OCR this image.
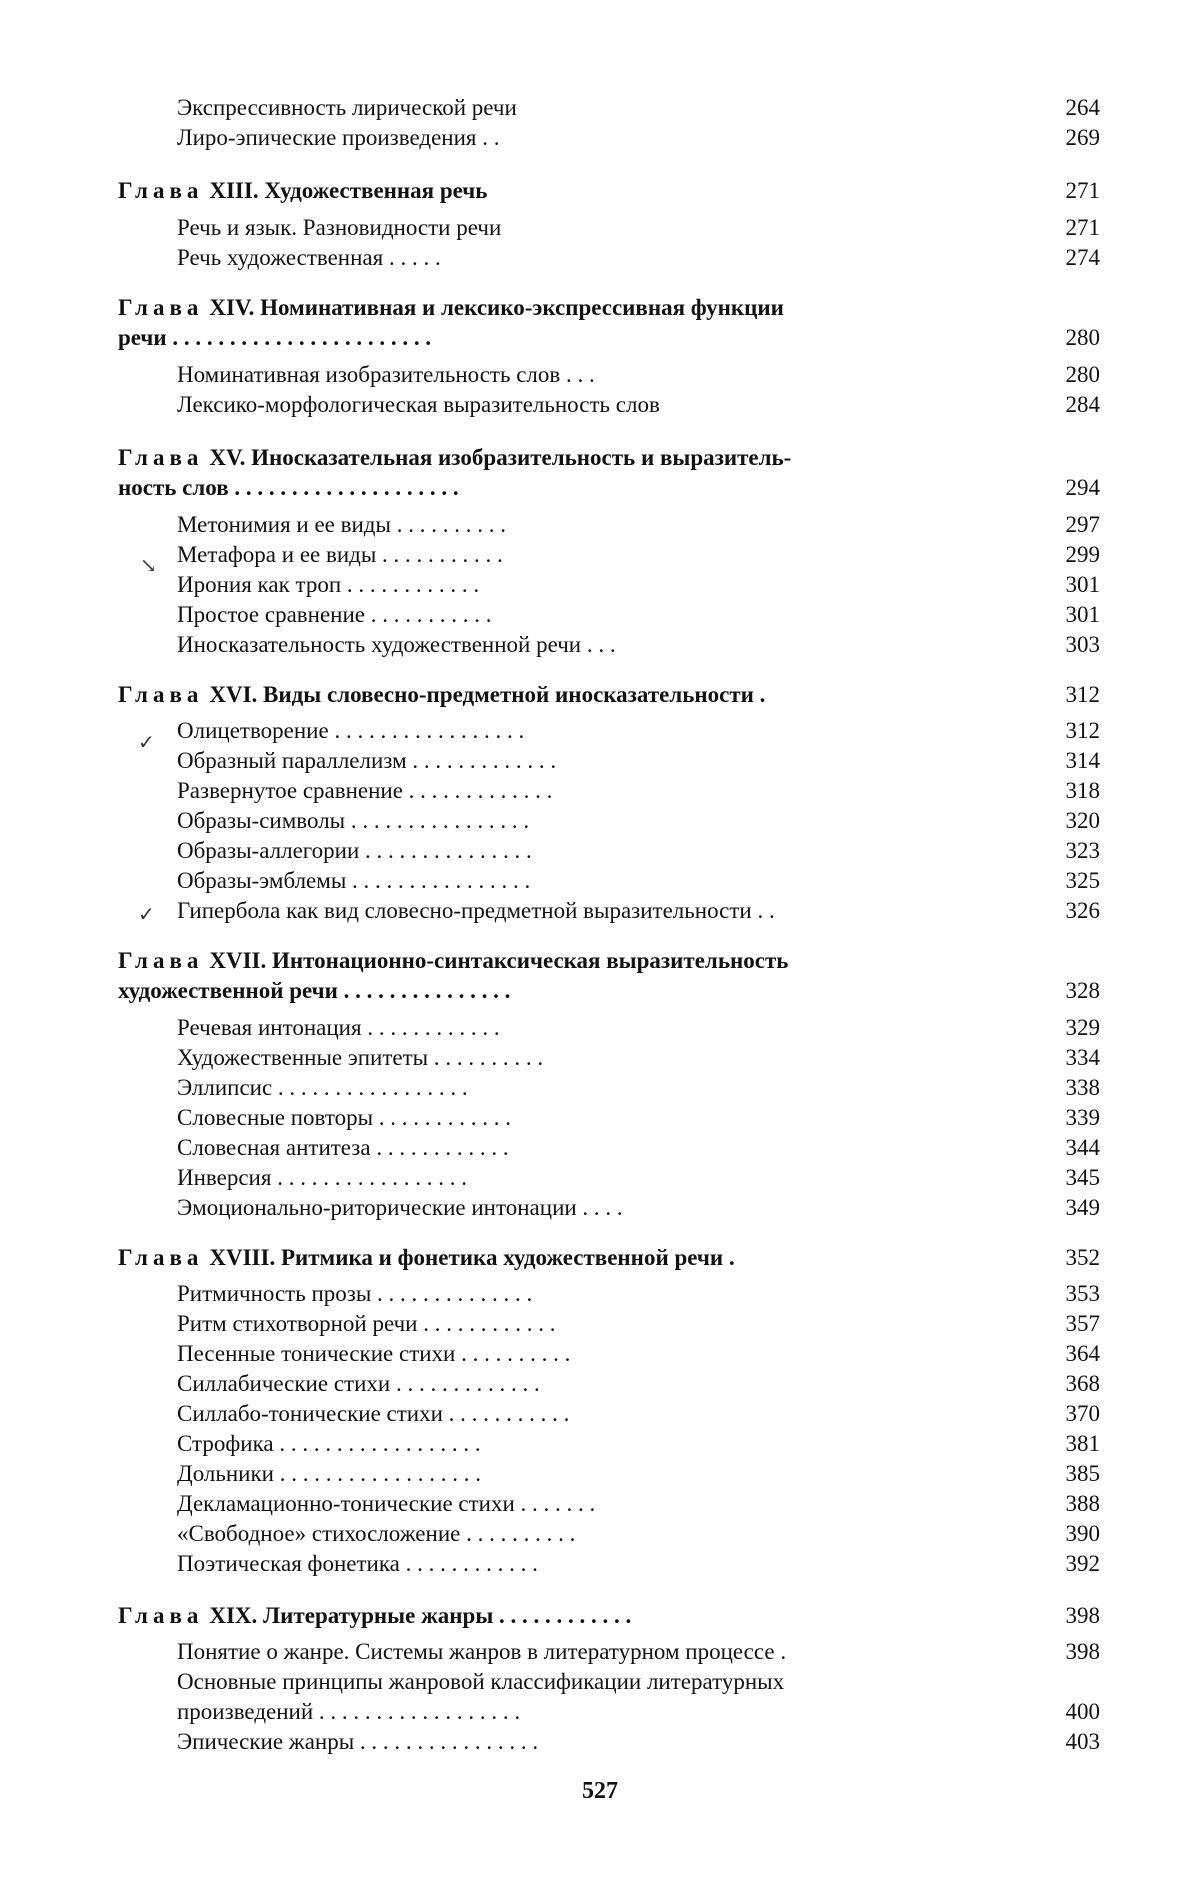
Экспрессивность лирической речи	264
Лиро-эпические произведения . .	269
Глава XIII. Художественная речь	271
Речь и язык. Разновидности речи	271
Речь художественная . . . . .	274
Глава XIV. Номинативная и лексико-экспрессивная функции
речи . . . . . . . . . . . . . . . . . . . . . . .	280
Номинативная изобразительность слов . . .	280
Лексико-морфологическая выразительность слов	284
Глава XV. Иносказательная изобразительность и выразитель-
ность слов . . . . . . . . . . . . . . . . . . . .	294
Метонимия и ее виды . . . . . . . . . .	297
Метафора и ее виды . . . . . . . . . . .	299
Ирония как троп . . . . . . . . . . . .	301
Простое сравнение . . . . . . . . . . .	301
Иносказательность художественной речи . . .	303
Глава XVI. Виды словесно-предметной иносказательности .	312
Олицетворение . . . . . . . . . . . . . . . . .	312
Образный параллелизм . . . . . . . . . . . . .	314
Развернутое сравнение . . . . . . . . . . . . .	318
Образы-символы . . . . . . . . . . . . . . . .	320
Образы-аллегории . . . . . . . . . . . . . . .	323
Образы-эмблемы . . . . . . . . . . . . . . . .	325
Гипербола как вид словесно-предметной выразительности . .	326
Глава XVII. Интонационно-синтаксическая выразительность
художественной речи . . . . . . . . . . . . . . .	328
Речевая интонация . . . . . . . . . . . .	329
Художественные эпитеты . . . . . . . . . .	334
Эллипсис . . . . . . . . . . . . . . . . .	338
Словесные повторы . . . . . . . . . . . .	339
Словесная антитеза . . . . . . . . . . . .	344
Инверсия . . . . . . . . . . . . . . . . .	345
Эмоционально-риторические интонации . . . .	349
Глава XVIII. Ритмика и фонетика художественной речи .	352
Ритмичность прозы . . . . . . . . . . . . . .	353
Ритм стихотворной речи . . . . . . . . . . . .	357
Песенные тонические стихи . . . . . . . . . .	364
Силлабические стихи . . . . . . . . . . . . .	368
Силлабо-тонические стихи . . . . . . . . . . .	370
Строфика . . . . . . . . . . . . . . . . . .	381
Дольники . . . . . . . . . . . . . . . . . .	385
Декламационно-тонические стихи . . . . . . .	388
«Свободное» стихосложение . . . . . . . . . .	390
Поэтическая фонетика . . . . . . . . . . . .	392
Глава XIX. Литературные жанры . . . . . . . . . . . .	398
Понятие о жанре. Системы жанров в литературном процессе .	398
Основные принципы жанровой классификации литературных
произведений . . . . . . . . . . . . . . . . . .	400
Эпические жанры . . . . . . . . . . . . . . . .	403
↘
✓
✓
527
